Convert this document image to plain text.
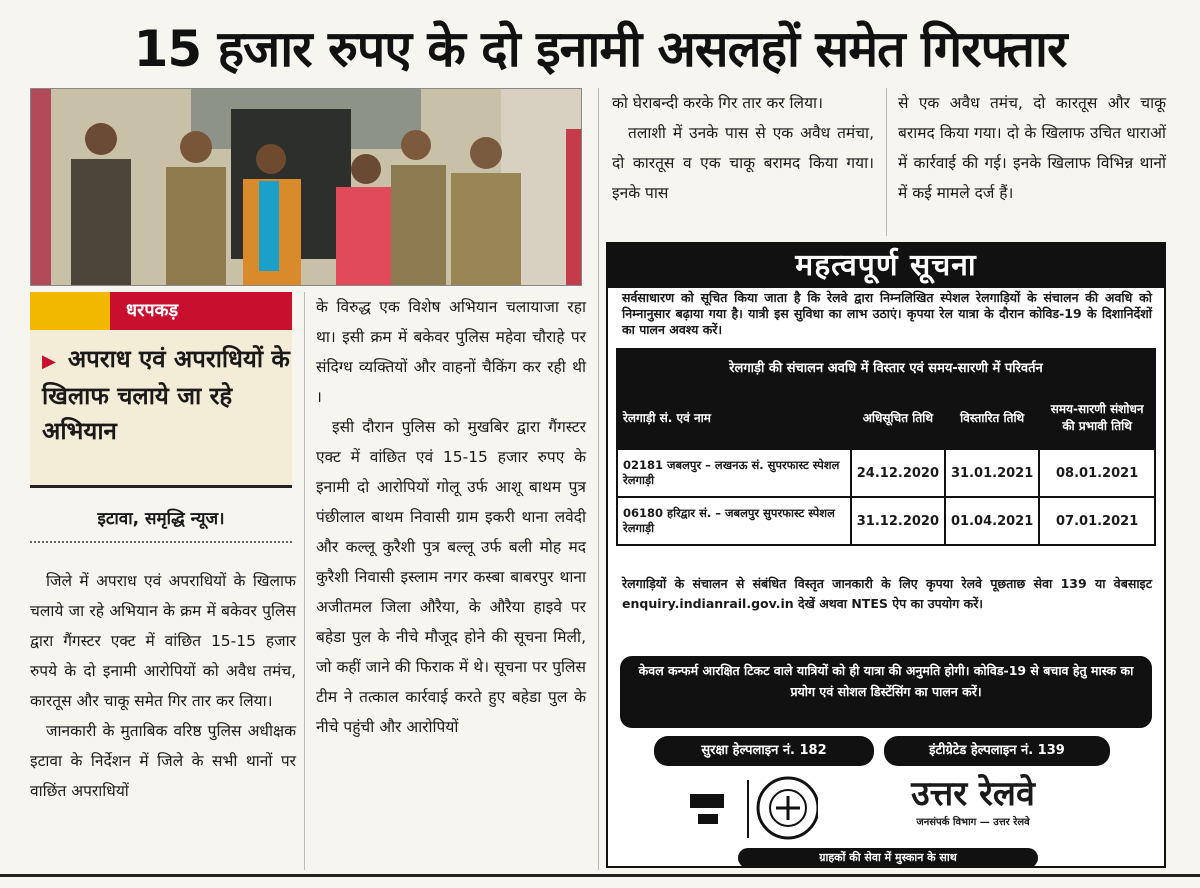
15 हजार रुपए के दो इनामी असलहों समेत गिरफ्तार
धरपकड़
▶ अपराध एवं अपराधियों के खिलाफ चलाये जा रहे अभियान
इटावा, समृद्धि न्यूज।

जिले में अपराध एवं अपराधियों के खिलाफ चलाये जा रहे अभियान के क्रम में बकेवर पुलिस द्वारा गैंगस्टर एक्ट में वांछित 15-15 हजार रुपये के दो इनामी आरोपियों को अवैध तमंच, कारतूस और चाकू समेत गिर तार कर लिया।

जानकारी के मुताबिक वरिष्ठ पुलिस अधीक्षक इटावा के निर्देशन में जिले के सभी थानों पर वाछिंत अपराधियों

के विरुद्ध एक विशेष अभियान चलायाजा रहा था। इसी क्रम में बकेवर पुलिस महेवा चौराहे पर संदिग्ध व्यक्तियों और वाहनों चैकिंग कर रही थी ।

इसी दौरान पुलिस को मुखबिर द्वारा गैंगस्टर एक्ट में वांछित एवं 15-15 हजार रुपए के इनामी दो आरोपियों गोलू उर्फ आशू बाथम पुत्र पंछीलाल बाथम निवासी ग्राम इकरी थाना लवेदी और कल्लू कुरैशी पुत्र बल्लू उर्फ बली मोह मद कुरैशी निवासी इस्लाम नगर कस्बा बाबरपुर थाना अजीतमल जिला औरैया, के औरैया हाइवे पर बहेडा पुल के नीचे मौजूद होने की सूचना मिली, जो कहीं जाने की फिराक में थे। सूचना पर पुलिस टीम ने तत्काल कार्रवाई करते हुए बहेडा पुल के नीचे पहुंची और आरोपियों

को घेराबन्दी करके गिर तार कर लिया।

तलाशी में उनके पास से एक अवैध तमंचा, दो कारतूस व एक चाकू बरामद किया गया। इनके पास

से एक अवैध तमंच, दो कारतूस और चाकू बरामद किया गया। दो के खिलाफ उचित धाराओं में कार्रवाई की गई। इनके खिलाफ विभिन्न थानों में कई मामले दर्ज हैं।

महत्वपूर्ण सूचना
सर्वसाधारण को सूचित किया जाता है कि रेलवे द्वारा निम्नलिखित स्पेशल रेलगाड़ियों के संचालन की अवधि को निम्नानुसार बढ़ाया गया है। यात्री इस सुविधा का लाभ उठाएं। कृपया रेल यात्रा के दौरान कोविड-19 के दिशानिर्देशों का पालन अवश्य करें।
रेलगाड़ी की संचालन अवधि में विस्तार एवं समय-सारणी में परिवर्तन			
रेलगाड़ी सं. एवं नाम	अधिसूचित तिथि	विस्तारित तिथि	समय-सारणी संशोधन की प्रभावी तिथि
02181 जबलपुर – लखनऊ सं. सुपरफास्ट स्पेशल रेलगाड़ी	24.12.2020	31.01.2021	08.01.2021
06180 हरिद्वार सं. – जबलपुर सुपरफास्ट स्पेशल रेलगाड़ी	31.12.2020	01.04.2021	07.01.2021
रेलगाड़ियों के संचालन से संबंधित विस्तृत जानकारी के लिए कृपया रेलवे पूछताछ सेवा 139 या वेबसाइट enquiry.indianrail.gov.in देखें अथवा NTES ऐप का उपयोग करें।
केवल कन्फर्म आरक्षित टिकट वाले यात्रियों को ही यात्रा की अनुमति होगी। कोविड-19 से बचाव हेतु मास्क का प्रयोग एवं सोशल डिस्टेंसिंग का पालन करें।
सुरक्षा हेल्पलाइन नं. 182	इंटीग्रेटेड हेल्पलाइन नं. 139
उत्तर रेलवे
जनसंपर्क विभाग — उत्तर रेलवे
ग्राहकों की सेवा में मुस्कान के साथ
